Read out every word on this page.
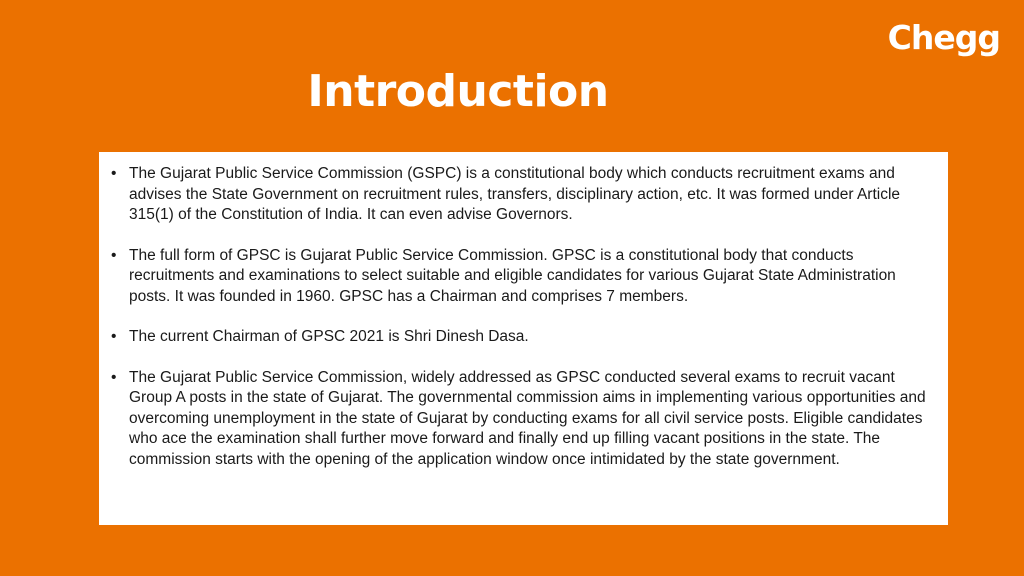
Chegg
Introduction
• The Gujarat Public Service Commission (GSPC) is a constitutional body which conducts recruitment exams and advises the State Government on recruitment rules, transfers, disciplinary action, etc. It was formed under Article 315(1) of the Constitution of India. It can even advise Governors.
• The full form of GPSC is Gujarat Public Service Commission. GPSC is a constitutional body that conducts recruitments and examinations to select suitable and eligible candidates for various Gujarat State Administration posts. It was founded in 1960. GPSC has a Chairman and comprises 7 members.
• The current Chairman of GPSC 2021 is Shri Dinesh Dasa.
• The Gujarat Public Service Commission, widely addressed as GPSC conducted several exams to recruit vacant Group A posts in the state of Gujarat. The governmental commission aims in implementing various opportunities and overcoming unemployment in the state of Gujarat by conducting exams for all civil service posts. Eligible candidates who ace the examination shall further move forward and finally end up filling vacant positions in the state. The commission starts with the opening of the application window once intimidated by the state government.
